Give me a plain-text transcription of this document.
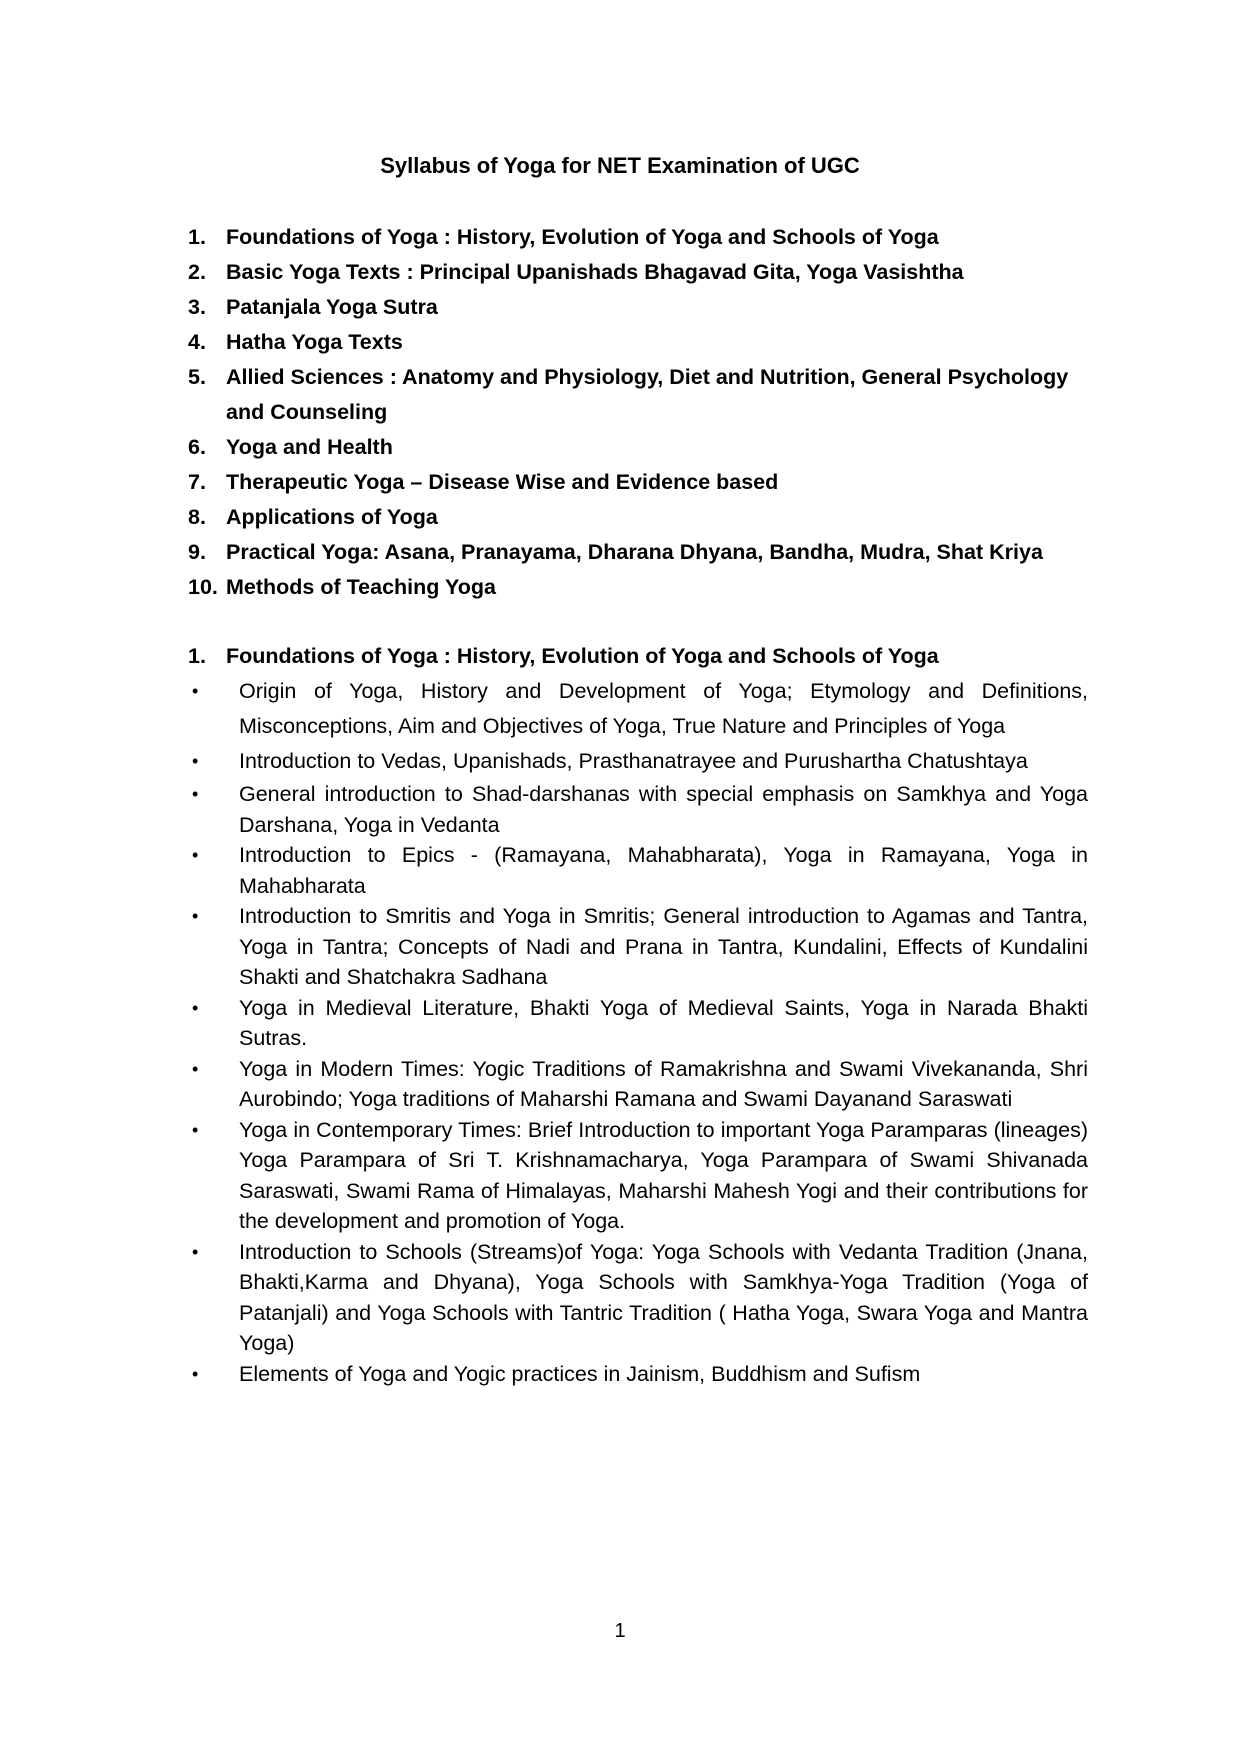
Syllabus of Yoga for NET Examination of UGC
1. Foundations of Yoga : History, Evolution of Yoga and Schools of Yoga
2. Basic Yoga Texts : Principal Upanishads Bhagavad Gita, Yoga Vasishtha
3. Patanjala Yoga Sutra
4. Hatha Yoga Texts
5. Allied Sciences : Anatomy and Physiology, Diet and Nutrition, General Psychology and Counseling
6. Yoga and Health
7. Therapeutic Yoga – Disease Wise and Evidence based
8. Applications of Yoga
9. Practical Yoga: Asana, Pranayama, Dharana Dhyana, Bandha, Mudra, Shat Kriya
10. Methods of Teaching Yoga
1. Foundations of Yoga : History, Evolution of Yoga and Schools of Yoga
• Origin of Yoga, History and Development of Yoga; Etymology and Definitions, Misconceptions, Aim and Objectives of Yoga, True Nature and Principles of Yoga
• Introduction to Vedas, Upanishads, Prasthanatrayee and Purushartha Chatushtaya
• General introduction to Shad-darshanas with special emphasis on Samkhya and Yoga Darshana, Yoga in Vedanta
• Introduction to Epics - (Ramayana, Mahabharata), Yoga in Ramayana, Yoga in Mahabharata
• Introduction to Smritis and Yoga in Smritis; General introduction to Agamas and Tantra, Yoga in Tantra; Concepts of Nadi and Prana in Tantra, Kundalini, Effects of Kundalini Shakti and Shatchakra Sadhana
• Yoga in Medieval Literature, Bhakti Yoga of Medieval Saints, Yoga in Narada Bhakti Sutras.
• Yoga in Modern Times: Yogic Traditions of Ramakrishna and Swami Vivekananda, Shri Aurobindo; Yoga traditions of Maharshi Ramana and Swami Dayanand Saraswati
• Yoga in Contemporary Times: Brief Introduction to important Yoga Paramparas (lineages) Yoga Parampara of Sri T. Krishnamacharya, Yoga Parampara of Swami Shivanada Saraswati, Swami Rama of Himalayas, Maharshi Mahesh Yogi and their contributions for the development and promotion of Yoga.
• Introduction to Schools (Streams)of Yoga: Yoga Schools with Vedanta Tradition (Jnana, Bhakti,Karma and Dhyana), Yoga Schools with Samkhya-Yoga Tradition (Yoga of Patanjali) and Yoga Schools with Tantric Tradition ( Hatha Yoga, Swara Yoga and Mantra Yoga)
• Elements of Yoga and Yogic practices in Jainism, Buddhism and Sufism
1
